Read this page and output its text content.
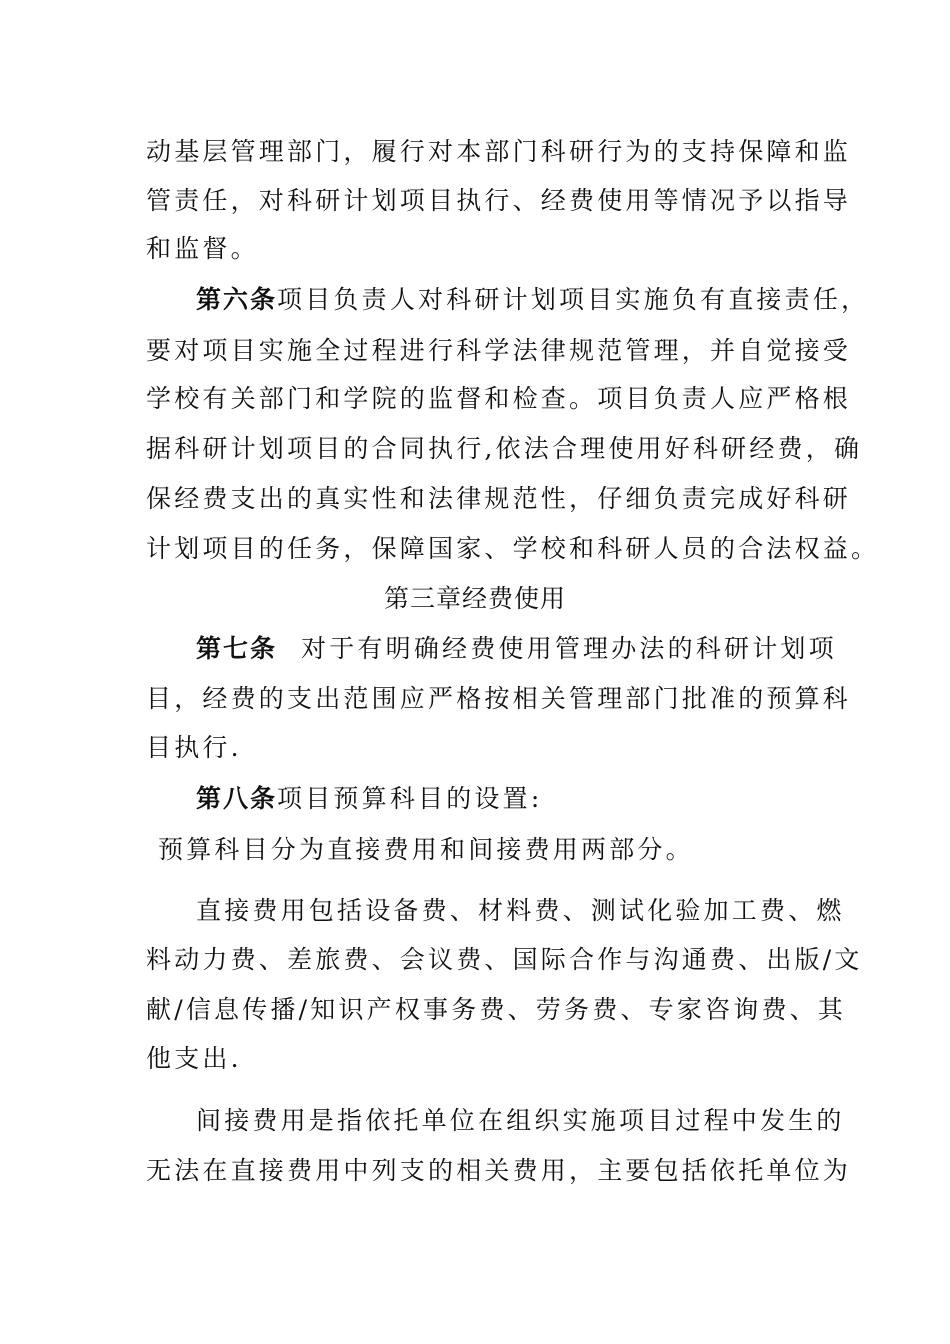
动基层管理部门，履行对本部门科研行为的支持保障和监

管责任，对科研计划项目执行、经费使用等情况予以指导

和监督。

第六条项目负责人对科研计划项目实施负有直接责任，

要对项目实施全过程进行科学法律规范管理，并自觉接受

学校有关部门和学院的监督和检查。项目负责人应严格根

据科研计划项目的合同执行,依法合理使用好科研经费，确

保经费支出的真实性和法律规范性，仔细负责完成好科研

计划项目的任务，保障国家、学校和科研人员的合法权益。

第三章经费使用

第七条 对于有明确经费使用管理办法的科研计划项

目，经费的支出范围应严格按相关管理部门批准的预算科

目执行.

第八条项目预算科目的设置:

预算科目分为直接费用和间接费用两部分。

直接费用包括设备费、材料费、测试化验加工费、燃

料动力费、差旅费、会议费、国际合作与沟通费、出版/文

献/信息传播/知识产权事务费、劳务费、专家咨询费、其

他支出.

间接费用是指依托单位在组织实施项目过程中发生的

无法在直接费用中列支的相关费用，主要包括依托单位为
